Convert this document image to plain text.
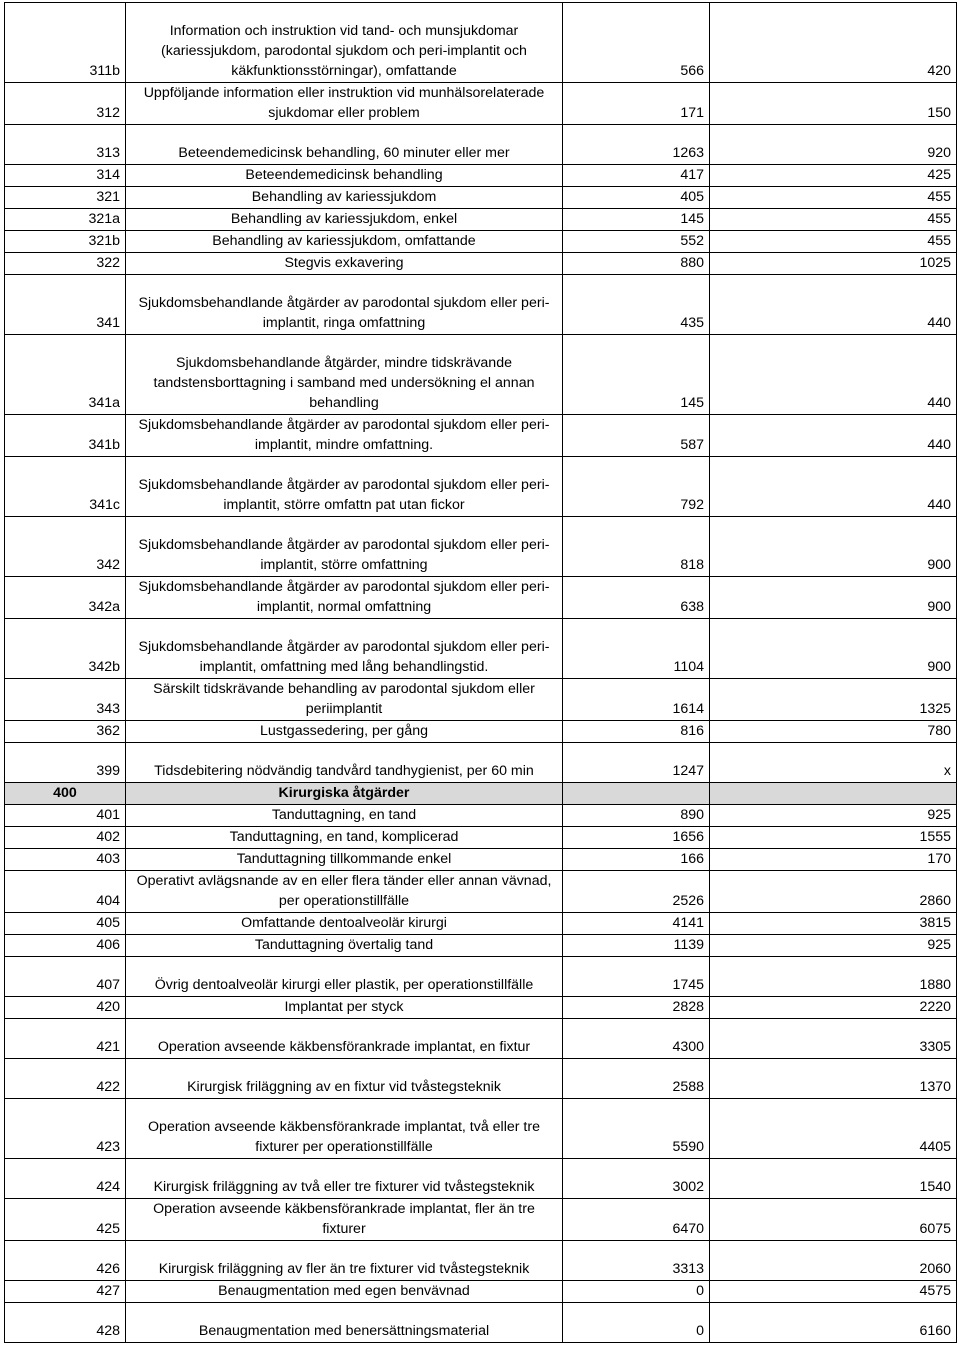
311b	Information och instruktion vid tand- och munsjukdomar (kariessjukdom, parodontal sjukdom och peri-implantit och käkfunktionsstörningar), omfattande	566	420
312	Uppföljande information eller instruktion vid munhälsorelaterade sjukdomar eller problem	171	150
313	Beteendemedicinsk behandling, 60 minuter eller mer	1263	920
314	Beteendemedicinsk behandling	417	425
321	Behandling av kariessjukdom	405	455
321a	Behandling av kariessjukdom, enkel	145	455
321b	Behandling av kariessjukdom, omfattande	552	455
322	Stegvis exkavering	880	1025
341	Sjukdomsbehandlande åtgärder av parodontal sjukdom eller peri-implantit, ringa omfattning	435	440
341a	Sjukdomsbehandlande åtgärder, mindre tidskrävande tandstensborttagning i samband med undersökning el annan behandling	145	440
341b	Sjukdomsbehandlande åtgärder av parodontal sjukdom eller peri-implantit, mindre omfattning.	587	440
341c	Sjukdomsbehandlande åtgärder av parodontal sjukdom eller peri-implantit, större omfattn pat utan fickor	792	440
342	Sjukdomsbehandlande åtgärder av parodontal sjukdom eller peri-implantit, större omfattning	818	900
342a	Sjukdomsbehandlande åtgärder av parodontal sjukdom eller peri-implantit, normal omfattning	638	900
342b	Sjukdomsbehandlande åtgärder av parodontal sjukdom eller peri-implantit, omfattning med lång behandlingstid.	1104	900
343	Särskilt tidskrävande behandling av parodontal sjukdom eller periimplantit	1614	1325
362	Lustgassedering, per gång	816	780
399	Tidsdebitering nödvändig tandvård tandhygienist, per 60 min	1247	x
400	Kirurgiska åtgärder		
401	Tanduttagning, en tand	890	925
402	Tanduttagning, en tand, komplicerad	1656	1555
403	Tanduttagning tillkommande enkel	166	170
404	Operativt avlägsnande av en eller flera tänder eller annan vävnad, per operationstillfälle	2526	2860
405	Omfattande dentoalveolär kirurgi	4141	3815
406	Tanduttagning övertalig tand	1139	925
407	Övrig dentoalveolär kirurgi eller plastik, per operationstillfälle	1745	1880
420	Implantat per styck	2828	2220
421	Operation avseende käkbensförankrade implantat, en fixtur	4300	3305
422	Kirurgisk friläggning av en fixtur vid tvåstegsteknik	2588	1370
423	Operation avseende käkbensförankrade implantat, två eller tre fixturer per operationstillfälle	5590	4405
424	Kirurgisk friläggning av två eller tre fixturer vid tvåstegsteknik	3002	1540
425	Operation avseende käkbensförankrade implantat, fler än tre fixturer	6470	6075
426	Kirurgisk friläggning av fler än tre fixturer vid tvåstegsteknik	3313	2060
427	Benaugmentation med egen benvävnad	0	4575
428	Benaugmentation med benersättningsmaterial	0	6160
